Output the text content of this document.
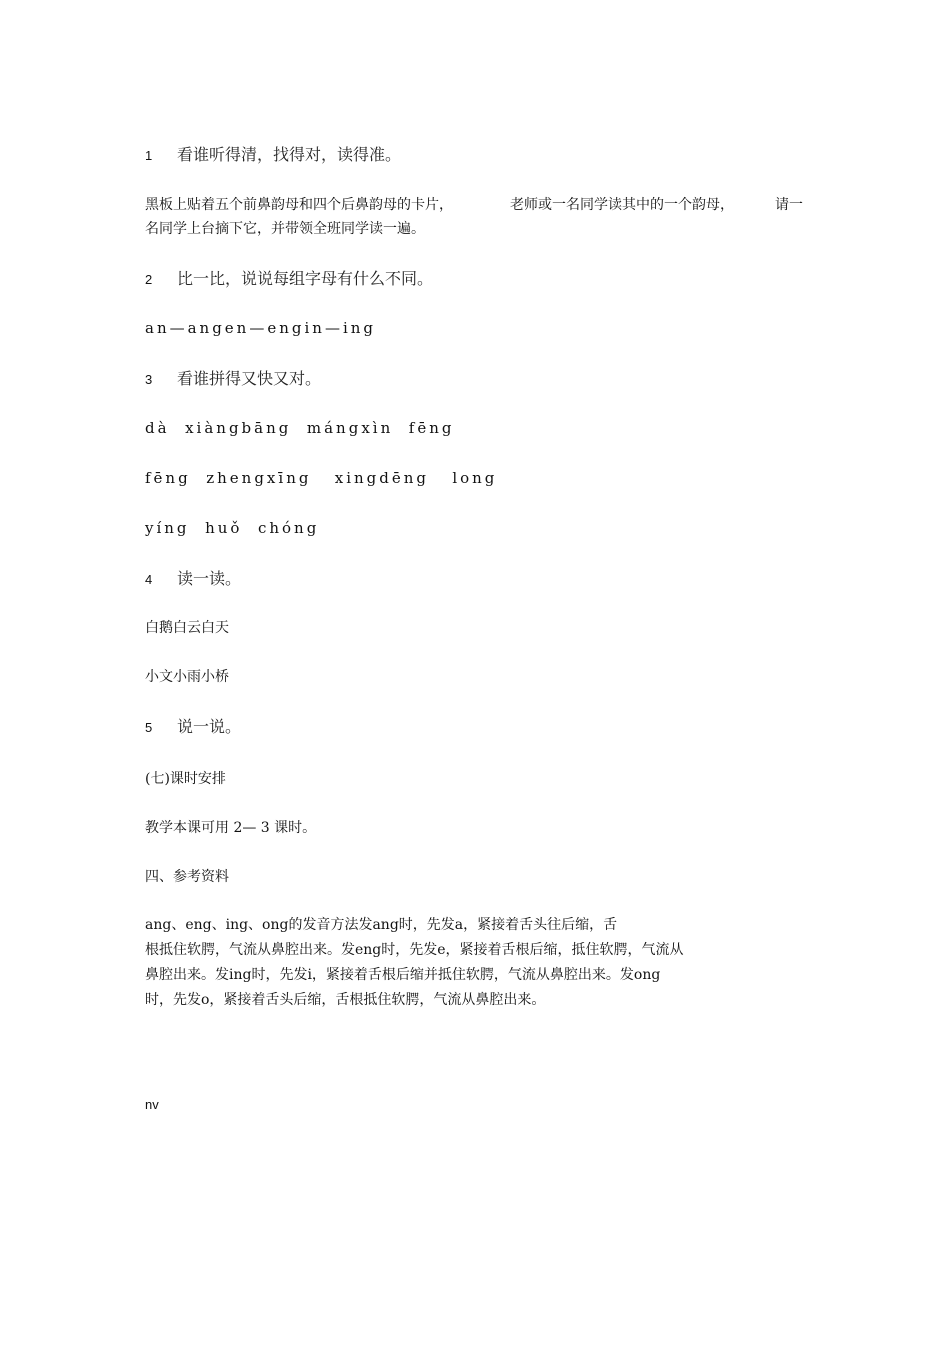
1 看谁听得清，找得对，读得准。
黑板上贴着五个前鼻韵母和四个后鼻韵母的卡片，	老师或一名同学读其中的一个韵母，	请一
名同学上台摘下它，并带领全班同学读一遍。
2 比一比，说说每组字母有什么不同。
an—angen—engin—ing
3 看谁拼得又快又对。
dà  xiàngbāng  mángxìn  fēng
fēng  zhengxīng   xingdēng   long
yíng  huǒ  chóng
4 读一读。
白鹅白云白天
小文小雨小桥
5 说一说。
(七)课时安排
教学本课可用 2— 3 课时。
四、参考资料
ang、eng、ing、ong的发音方法发ang时，先发a，紧接着舌头往后缩，舌
根抵住软腭，气流从鼻腔出来。发eng时，先发e，紧接着舌根后缩，抵住软腭，气流从
鼻腔出来。发ing时，先发i，紧接着舌根后缩并抵住软腭，气流从鼻腔出来。发ong
时，先发o，紧接着舌头后缩，舌根抵住软腭，气流从鼻腔出来。
nv
